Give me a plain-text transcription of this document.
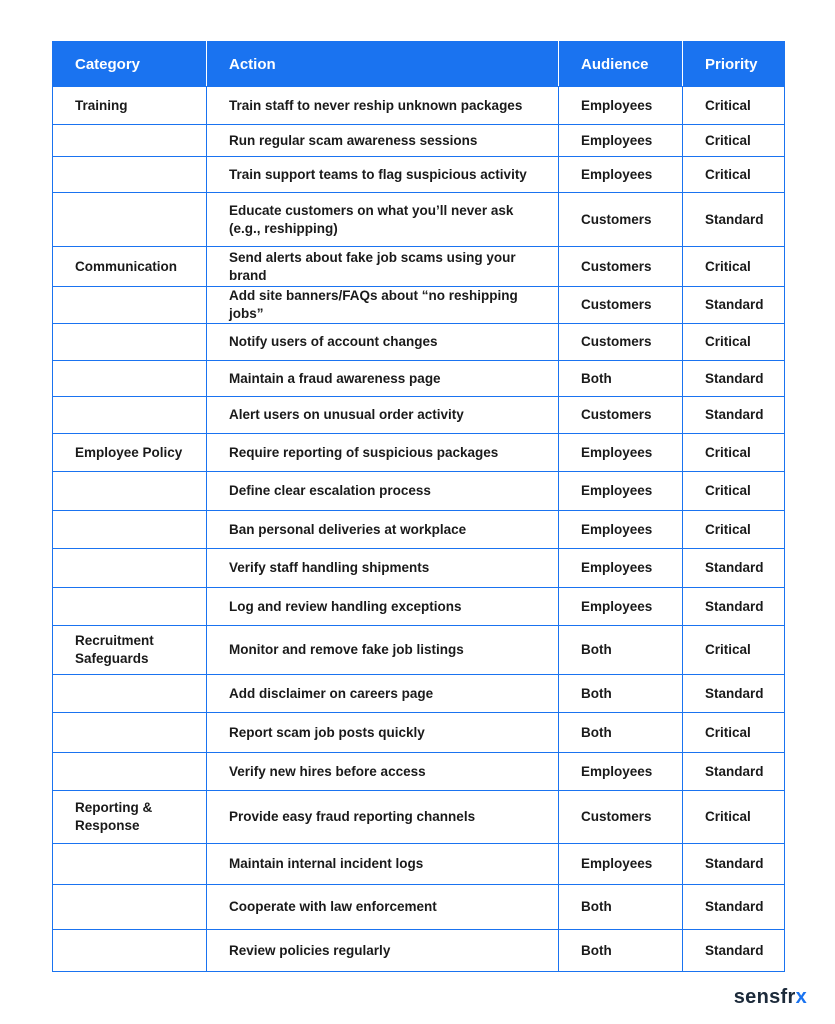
Category	Action	Audience	Priority
Training	Train staff to never reship unknown packages	Employees	Critical
	Run regular scam awareness sessions	Employees	Critical
	Train support teams to flag suspicious activity	Employees	Critical
	Educate customers on what you’ll never ask (e.g., reshipping)	Customers	Standard
Communication	Send alerts about fake job scams using your brand	Customers	Critical
	Add site banners/FAQs about “no reshipping jobs”	Customers	Standard
	Notify users of account changes	Customers	Critical
	Maintain a fraud awareness page	Both	Standard
	Alert users on unusual order activity	Customers	Standard
Employee Policy	Require reporting of suspicious packages	Employees	Critical
	Define clear escalation process	Employees	Critical
	Ban personal deliveries at workplace	Employees	Critical
	Verify staff handling shipments	Employees	Standard
	Log and review handling exceptions	Employees	Standard
Recruitment Safeguards	Monitor and remove fake job listings	Both	Critical
	Add disclaimer on careers page	Both	Standard
	Report scam job posts quickly	Both	Critical
	Verify new hires before access	Employees	Standard
Reporting & Response	Provide easy fraud reporting channels	Customers	Critical
	Maintain internal incident logs	Employees	Standard
	Cooperate with law enforcement	Both	Standard
	Review policies regularly	Both	Standard
sensfrx
